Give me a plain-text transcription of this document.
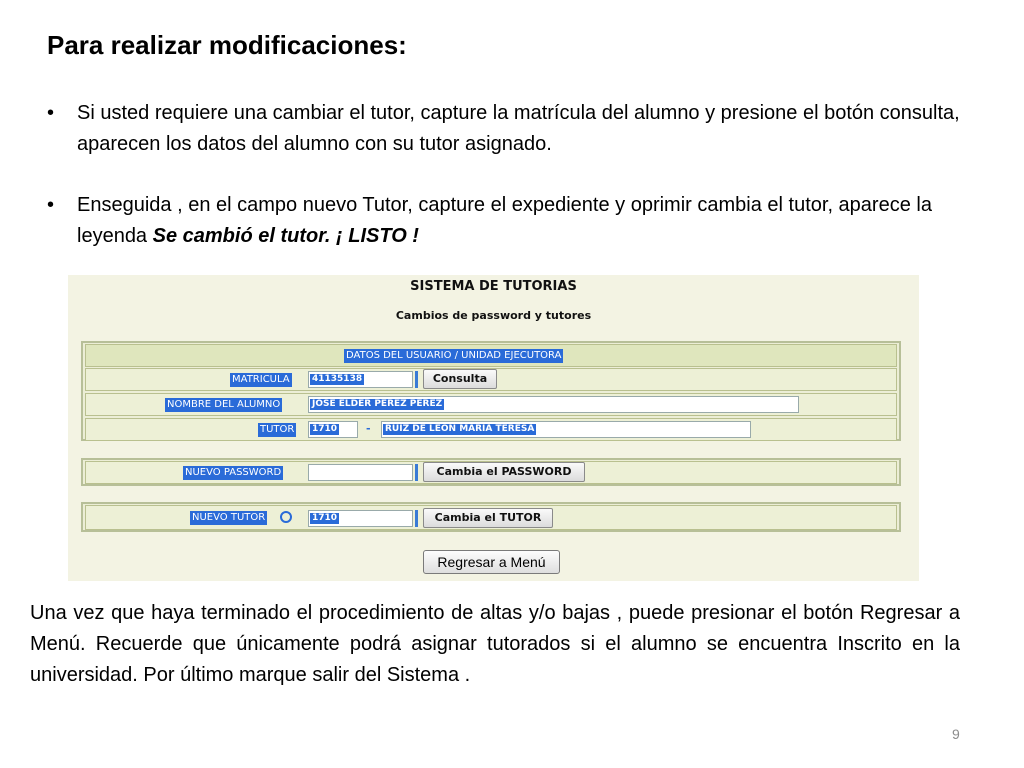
Para realizar modificaciones:
• Si usted requiere una cambiar el tutor, capture la matrícula del alumno y presione el botón consulta, aparecen los datos del alumno con su tutor asignado.
• Enseguida , en el campo nuevo Tutor, capture el expediente y oprimir cambia el tutor, aparece la leyenda Se cambió el tutor. ¡ LISTO !
SISTEMA DE TUTORIAS
Cambios de password y tutores
DATOS DEL USUARIO / UNIDAD EJECUTORA
MATRICULA 41135138	Consulta
NOMBRE DEL ALUMNO	JOSÉ ELDER PÉREZ PÉREZ
TUTOR 1710	- RUIZ DE LEON MARIA TERESA
NUEVO PASSWORD	Cambia el PASSWORD
NUEVO TUTOR	1710	Cambia el TUTOR
Regresar a Menú

Una vez que haya terminado el procedimiento de altas y/o bajas , puede presionar el botón Regresar a Menú. Recuerde que únicamente podrá asignar tutorados si el alumno se encuentra Inscrito en la universidad. Por último marque salir del Sistema .

9
